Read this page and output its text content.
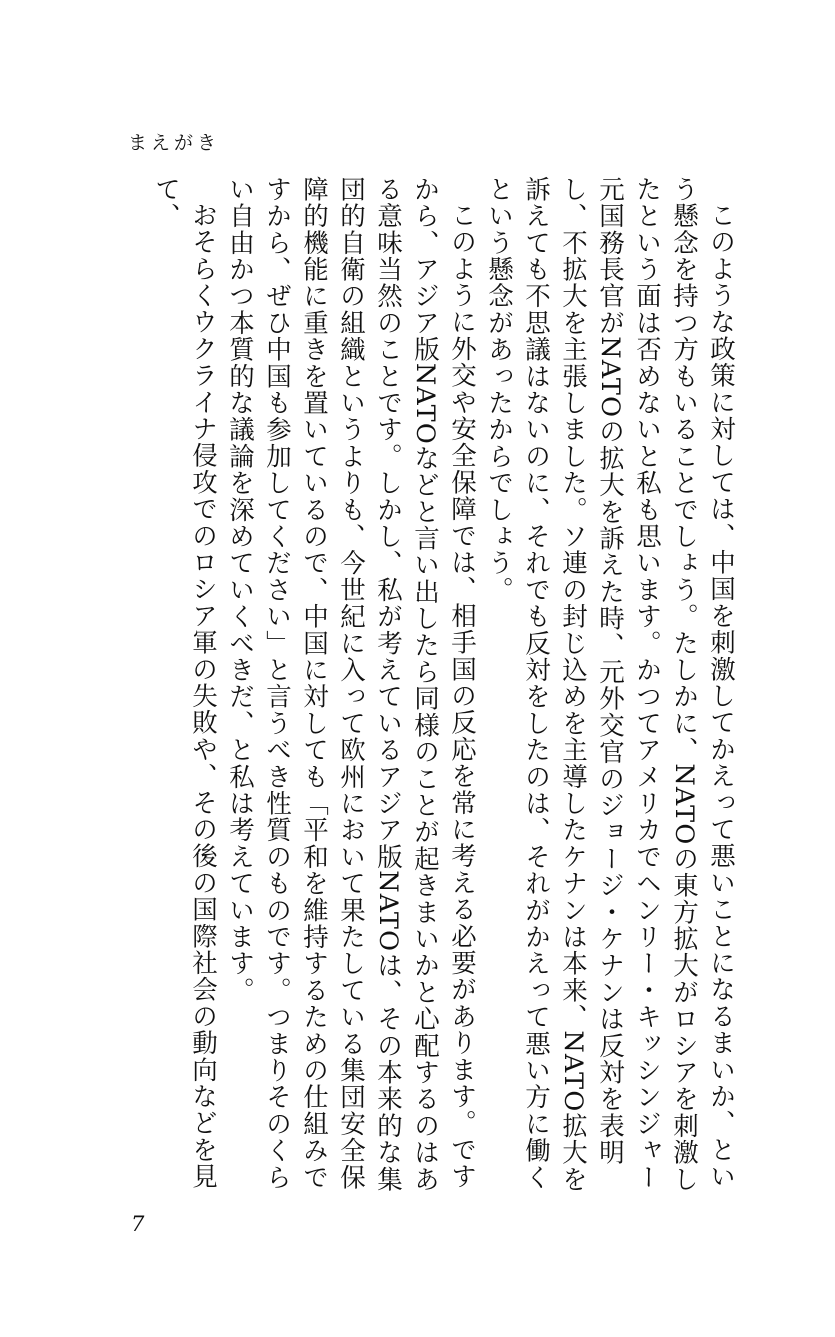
まえがき

このような政策に対しては、中国を刺激してかえって悪いことになるまいか、という懸念を持つ方もいることでしょう。たしかに、NATOの東方拡大がロシアを刺激したという面は否めないと私も思います。かつてアメリカでヘンリー・キッシンジャー元国務長官がNATOの拡大を訴えた時、元外交官のジョージ・ケナンは反対を表明し、不拡大を主張しました。ソ連の封じ込めを主導したケナンは本来、NATO拡大を訴えても不思議はないのに、それでも反対をしたのは、それがかえって悪い方に働くという懸念があったからでしょう。

このように外交や安全保障では、相手国の反応を常に考える必要があります。ですから、アジア版NATOなどと言い出したら同様のことが起きまいかと心配するのはある意味当然のことです。しかし、私が考えているアジア版NATOは、その本来的な集団的自衛の組織というよりも、今世紀に入って欧州において果たしている集団安全保障的機能に重きを置いているので、中国に対しても「平和を維持するための仕組みですから、ぜひ中国も参加してください」と言うべき性質のものです。つまりそのくらい自由かつ本質的な議論を深めていくべきだ、と私は考えています。

おそらくウクライナ侵攻でのロシア軍の失敗や、その後の国際社会の動向などを見て、

7
